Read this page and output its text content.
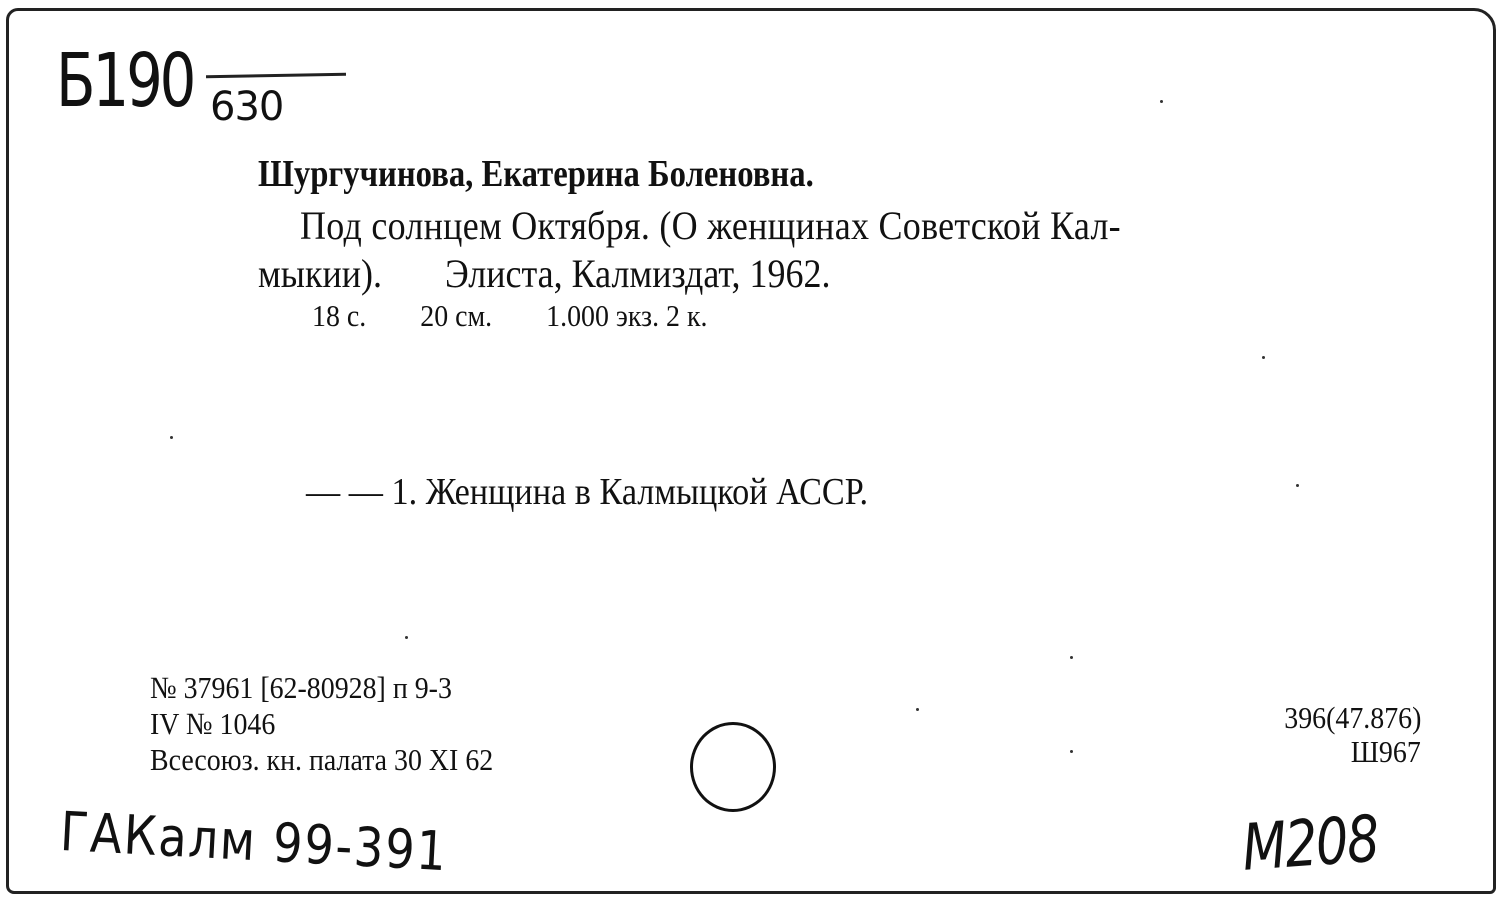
Б190 630
Шургучинова, Екатерина Боленовна.
Под солнцем Октября. (О женщинах Советской Кал-
мыкии). Элиста, Калмиздат, 1962.
18 с. 20 см. 1.000 экз. 2 к.
— — 1. Женщина в Калмыцкой АССР.
№ 37961 [62-80928] п 9-3
IV № 1046
Всесоюз. кн. палата 30 XI 62
396(47.876)
Ш967
ГАКалм 99-391	М208
